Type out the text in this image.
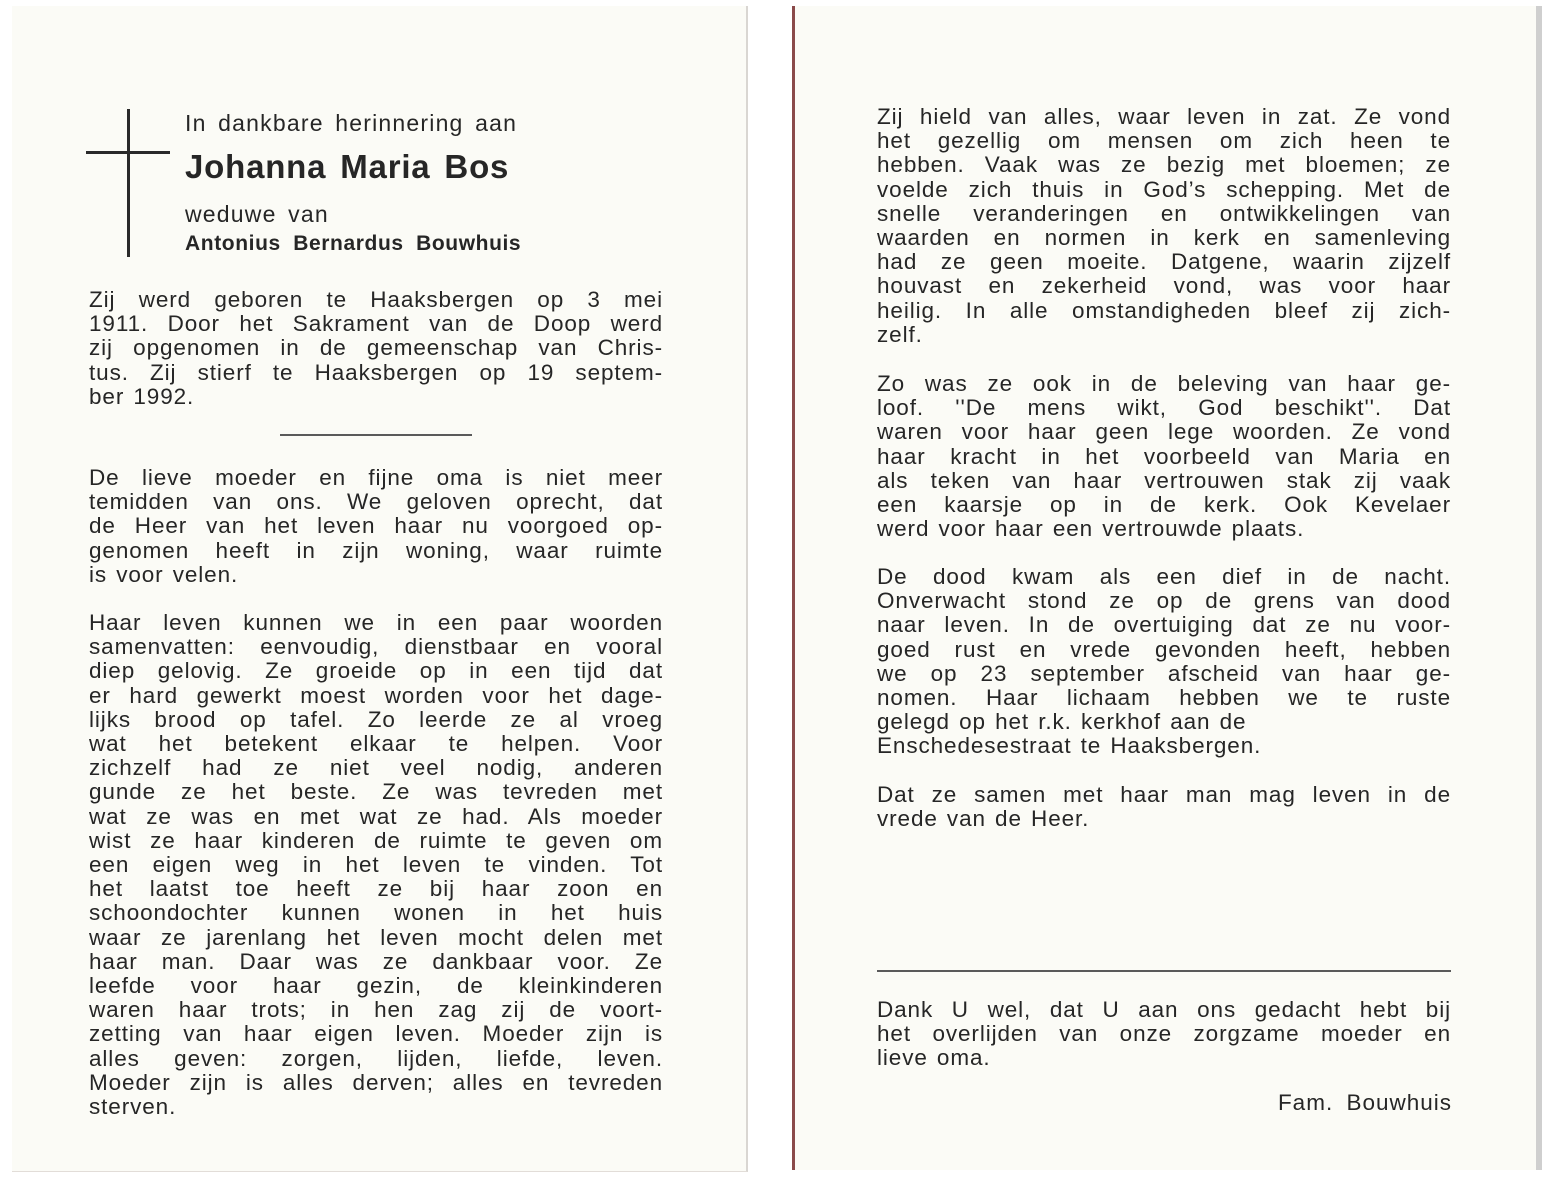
In dankbare herinnering aan
Johanna Maria Bos
weduwe van
Antonius Bernardus Bouwhuis

Zij werd geboren te Haaksbergen op 3 mei
1911. Door het Sakrament van de Doop werd
zij opgenomen in de gemeenschap van Chris-
tus. Zij stierf te Haaksbergen op 19 septem-
ber 1992.

De lieve moeder en fijne oma is niet meer
temidden van ons. We geloven oprecht, dat
de Heer van het leven haar nu voorgoed op-
genomen heeft in zijn woning, waar ruimte
is voor velen.

Haar leven kunnen we in een paar woorden
samenvatten: eenvoudig, dienstbaar en vooral
diep gelovig. Ze groeide op in een tijd dat
er hard gewerkt moest worden voor het dage-
lijks brood op tafel. Zo leerde ze al vroeg
wat het betekent elkaar te helpen. Voor
zichzelf had ze niet veel nodig, anderen
gunde ze het beste. Ze was tevreden met
wat ze was en met wat ze had. Als moeder
wist ze haar kinderen de ruimte te geven om
een eigen weg in het leven te vinden. Tot
het laatst toe heeft ze bij haar zoon en
schoondochter kunnen wonen in het huis
waar ze jarenlang het leven mocht delen met
haar man. Daar was ze dankbaar voor. Ze
leefde voor haar gezin, de kleinkinderen
waren haar trots; in hen zag zij de voort-
zetting van haar eigen leven. Moeder zijn is
alles geven: zorgen, lijden, liefde, leven.
Moeder zijn is alles derven; alles en tevreden
sterven.

Zij hield van alles, waar leven in zat. Ze vond
het gezellig om mensen om zich heen te
hebben. Vaak was ze bezig met bloemen; ze
voelde zich thuis in God’s schepping. Met de
snelle veranderingen en ontwikkelingen van
waarden en normen in kerk en samenleving
had ze geen moeite. Datgene, waarin zijzelf
houvast en zekerheid vond, was voor haar
heilig. In alle omstandigheden bleef zij zich-
zelf.

Zo was ze ook in de beleving van haar ge-
loof. ''De mens wikt, God beschikt''. Dat
waren voor haar geen lege woorden. Ze vond
haar kracht in het voorbeeld van Maria en
als teken van haar vertrouwen stak zij vaak
een kaarsje op in de kerk. Ook Kevelaer
werd voor haar een vertrouwde plaats.

De dood kwam als een dief in de nacht.
Onverwacht stond ze op de grens van dood
naar leven. In de overtuiging dat ze nu voor-
goed rust en vrede gevonden heeft, hebben
we op 23 september afscheid van haar ge-
nomen. Haar lichaam hebben we te ruste
gelegd op het r.k. kerkhof aan de
Enschedesestraat te Haaksbergen.

Dat ze samen met haar man mag leven in de
vrede van de Heer.

Dank U wel, dat U aan ons gedacht hebt bij
het overlijden van onze zorgzame moeder en
lieve oma.

Fam. Bouwhuis
